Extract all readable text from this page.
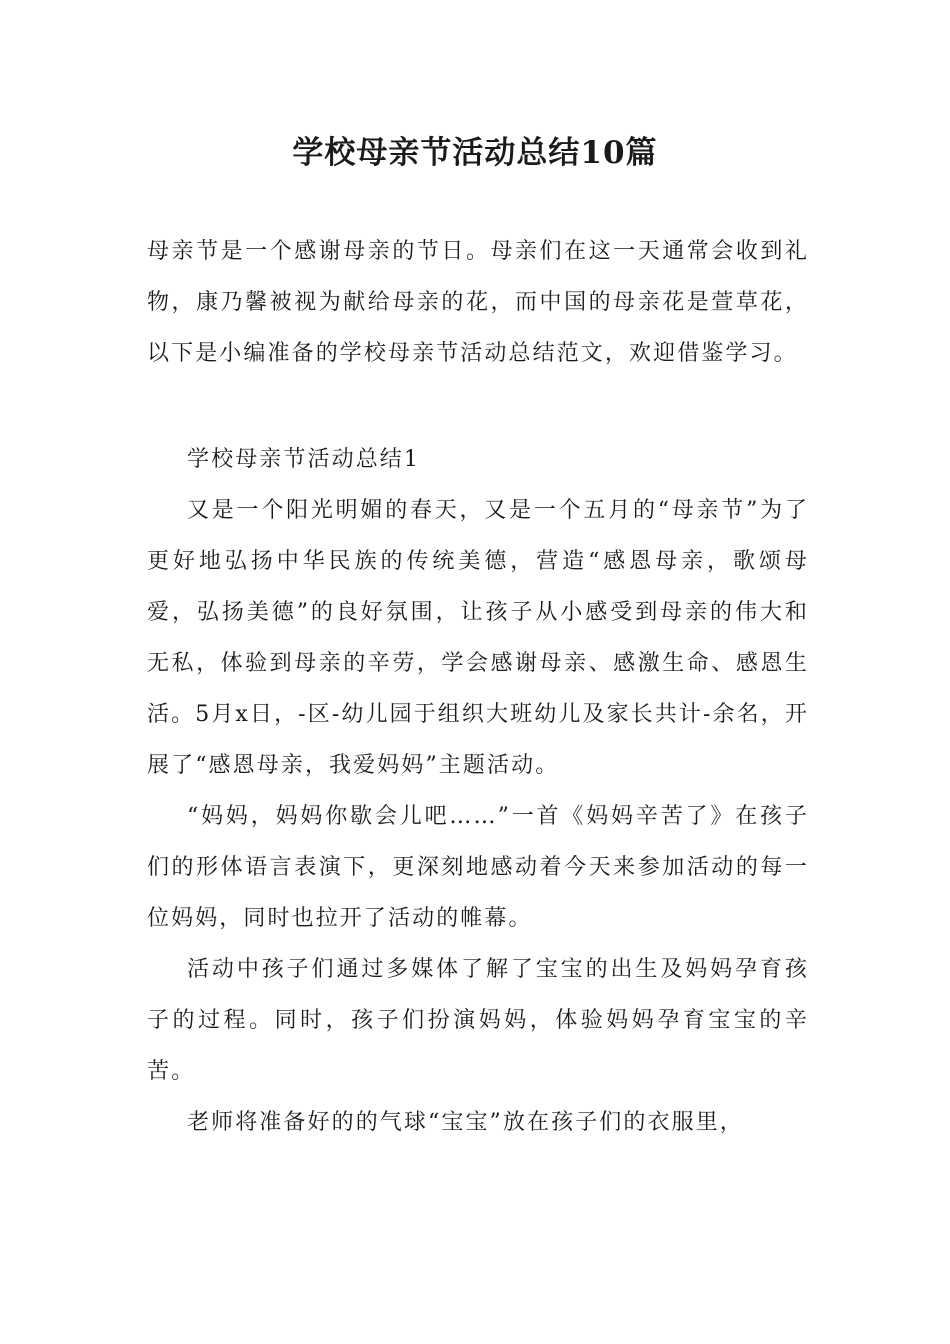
学校母亲节活动总结10篇

母亲节是一个感谢母亲的节日。母亲们在这一天通常会收到礼物，康乃馨被视为献给母亲的花，而中国的母亲花是萱草花，以下是小编准备的学校母亲节活动总结范文，欢迎借鉴学习。

学校母亲节活动总结1

又是一个阳光明媚的春天，又是一个五月的“母亲节”为了更好地弘扬中华民族的传统美德，营造“感恩母亲，歌颂母爱，弘扬美德”的良好氛围，让孩子从小感受到母亲的伟大和无私，体验到母亲的辛劳，学会感谢母亲、感激生命、感恩生活。5月x日，-区-幼儿园于组织大班幼儿及家长共计-余名，开展了“感恩母亲，我爱妈妈”主题活动。

“妈妈，妈妈你歇会儿吧……”一首《妈妈辛苦了》在孩子们的形体语言表演下，更深刻地感动着今天来参加活动的每一位妈妈，同时也拉开了活动的帷幕。

活动中孩子们通过多媒体了解了宝宝的出生及妈妈孕育孩子的过程。同时，孩子们扮演妈妈，体验妈妈孕育宝宝的辛苦。

老师将准备好的的气球“宝宝”放在孩子们的衣服里，
